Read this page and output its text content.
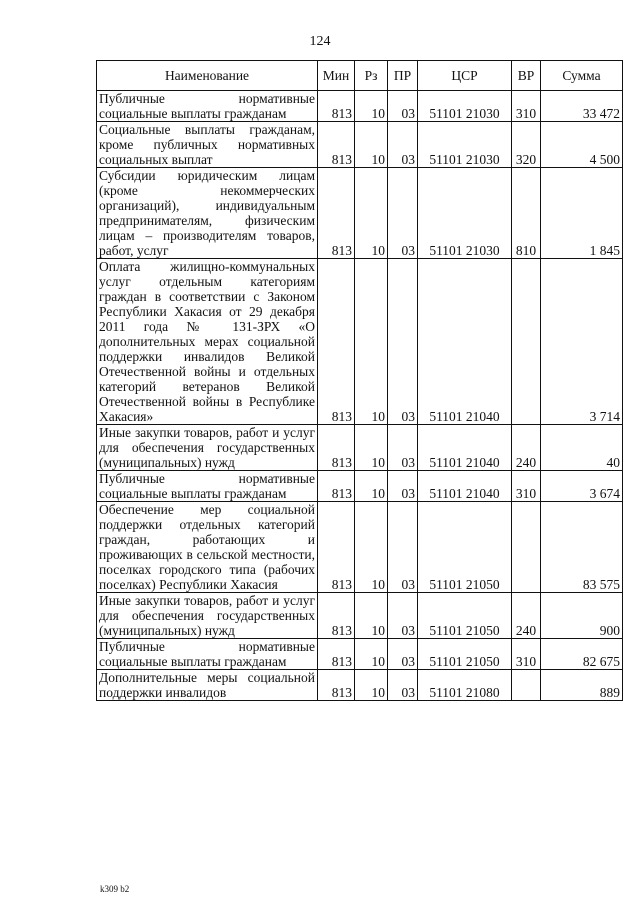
124
Наименование	Мин	Рз	ПР	ЦСР	ВР	Сумма
Публичные нормативные социальные выплаты гражданам	813	10	03	51101 21030	310	33 472
Социальные выплаты гражданам, кроме публичных нормативных социальных выплат	813	10	03	51101 21030	320	4 500
Субсидии юридическим лицам (кроме некоммерческих организаций), индивидуальным предпринимателям, физическим лицам – производителям товаров, работ, услуг	813	10	03	51101 21030	810	1 845
Оплата жилищно-коммунальных услуг отдельным категориям граждан в соответствии с Законом Республики Хакасия от 29 декабря 2011 года № 131-ЗРХ «О дополнительных мерах социальной поддержки инвалидов Великой Отечественной войны и отдельных категорий ветеранов Великой Отечественной войны в Республике Хакасия»	813	10	03	51101 21040		3 714
Иные закупки товаров, работ и услуг для обеспечения государственных (муниципальных) нужд	813	10	03	51101 21040	240	40
Публичные нормативные социальные выплаты гражданам	813	10	03	51101 21040	310	3 674
Обеспечение мер социальной поддержки отдельных категорий граждан, работающих и проживающих в сельской местности, поселках городского типа (рабочих поселках) Республики Хакасия	813	10	03	51101 21050		83 575
Иные закупки товаров, работ и услуг для обеспечения государственных (муниципальных) нужд	813	10	03	51101 21050	240	900
Публичные нормативные социальные выплаты гражданам	813	10	03	51101 21050	310	82 675
Дополнительные меры социальной поддержки инвалидов	813	10	03	51101 21080		889
k309 b2
